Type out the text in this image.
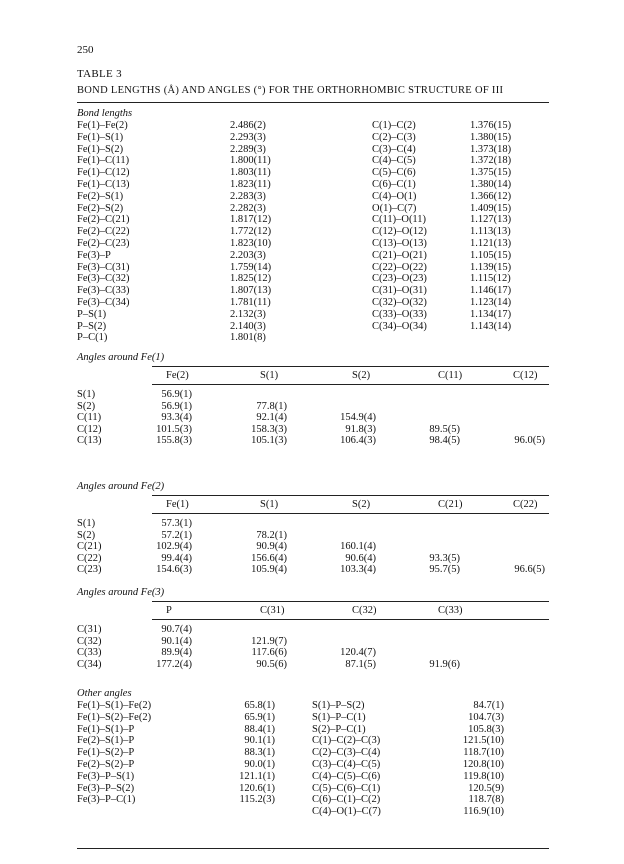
250
TABLE 3
BOND LENGTHS (Å) AND ANGLES (°) FOR THE ORTHORHOMBIC STRUCTURE OF III
Bond lengths
Fe(1)–Fe(2)	2.486(2)
Fe(1)–S(1)	2.293(3)
Fe(1)–S(2)	2.289(3)
Fe(1)–C(11)	1.800(11)
Fe(1)–C(12)	1.803(11)
Fe(1)–C(13)	1.823(11)
Fe(2)–S(1)	2.283(3)
Fe(2)–S(2)	2.282(3)
Fe(2)–C(21)	1.817(12)
Fe(2)–C(22)	1.772(12)
Fe(2)–C(23)	1.823(10)
Fe(3)–P	2.203(3)
Fe(3)–C(31)	1.759(14)
Fe(3)–C(32)	1.825(12)
Fe(3)–C(33)	1.807(13)
Fe(3)–C(34)	1.781(11)
P–S(1)	2.132(3)
P–S(2)	2.140(3)
P–C(1)	1.801(8)
C(1)–C(2)	1.376(15)
C(2)–C(3)	1.380(15)
C(3)–C(4)	1.373(18)
C(4)–C(5)	1.372(18)
C(5)–C(6)	1.375(15)
C(6)–C(1)	1.380(14)
C(4)–O(1)	1.366(12)
O(1)–C(7)	1.409(15)
C(11)–O(11)	1.127(13)
C(12)–O(12)	1.113(13)
C(13)–O(13)	1.121(13)
C(21)–O(21)	1.105(15)
C(22)–O(22)	1.139(15)
C(23)–O(23)	1.115(12)
C(31)–O(31)	1.146(17)
C(32)–O(32)	1.123(14)
C(33)–O(33)	1.134(17)
C(34)–O(34)	1.143(14)
Angles around Fe(1)
Fe(2)	S(1)	S(2)	C(11)	C(12)
S(1)	56.9(1)
S(2)	56.9(1)	77.8(1)
C(11)	93.3(4)	92.1(4)	154.9(4)
C(12)	101.5(3)	158.3(3)	91.8(3)	89.5(5)
C(13)	155.8(3)	105.1(3)	106.4(3)	98.4(5)	96.0(5)
Angles around Fe(2)
Fe(1)	S(1)	S(2)	C(21)	C(22)
S(1)	57.3(1)
S(2)	57.2(1)	78.2(1)
C(21)	102.9(4)	90.9(4)	160.1(4)
C(22)	99.4(4)	156.6(4)	90.6(4)	93.3(5)
C(23)	154.6(3)	105.9(4)	103.3(4)	95.7(5)	96.6(5)
Angles around Fe(3)
P	C(31)	C(32)	C(33)
C(31)	90.7(4)
C(32)	90.1(4)	121.9(7)
C(33)	89.9(4)	117.6(6)	120.4(7)
C(34)	177.2(4)	90.5(6)	87.1(5)	91.9(6)
Other angles
Fe(1)–S(1)–Fe(2)	65.8(1)
Fe(1)–S(2)–Fe(2)	65.9(1)
Fe(1)–S(1)–P	88.4(1)
Fe(2)–S(1)–P	90.1(1)
Fe(1)–S(2)–P	88.3(1)
Fe(2)–S(2)–P	90.0(1)
Fe(3)–P–S(1)	121.1(1)
Fe(3)–P–S(2)	120.6(1)
Fe(3)–P–C(1)	115.2(3)
S(1)–P–S(2)	84.7(1)
S(1)–P–C(1)	104.7(3)
S(2)–P–C(1)	105.8(3)
C(1)–C(2)–C(3)	121.5(10)
C(2)–C(3)–C(4)	118.7(10)
C(3)–C(4)–C(5)	120.8(10)
C(4)–C(5)–C(6)	119.8(10)
C(5)–C(6)–C(1)	120.5(9)
C(6)–C(1)–C(2)	118.7(8)
C(4)–O(1)–C(7)	116.9(10)
